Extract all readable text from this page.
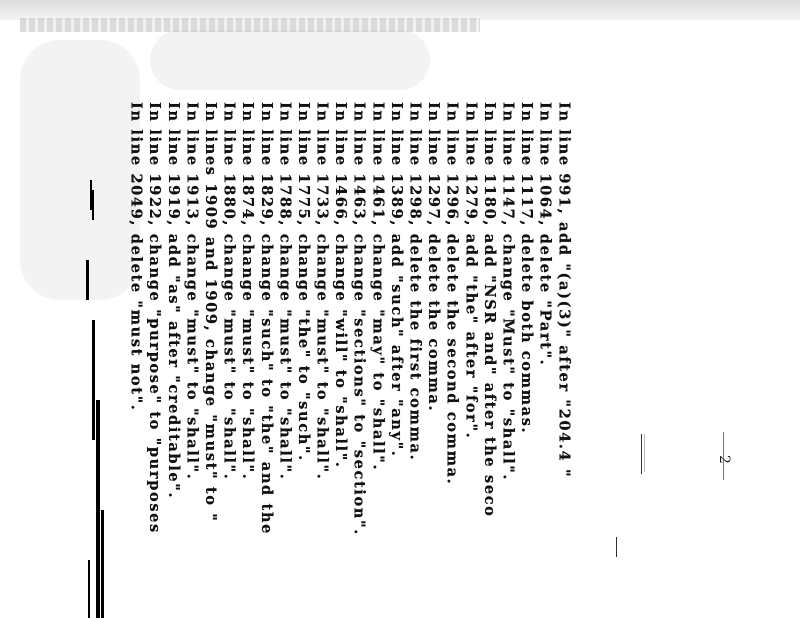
In line 991, add "(a)(3)" after "204.4 "
In line 1064, delete "Part".
In line 1117, delete both commas.
In line 1147, change "Must" to "shall".
In line 1180, add "NSR and" after the seco
In line 1279, add "the" after "for".
In line 1296, delete the second comma.
In line 1297, delete the comma.
In line 1298, delete the first comma.
In line 1389, add "such" after "any".
In line 1461, change "may" to "shall".
In line 1463, change "sections" to "section".
In line 1466, change "will" to "shall".
In line 1733, change "must" to "shall".
In line 1775, change "the" to "such".
In line 1788, change "must" to "shall".
In line 1829, change "such" to "the" and the
In line 1874, change "must" to "shall".
In line 1880, change "must" to "shall".
In lines 1909 and 1909, change "must" to "
In line 1913, change "must" to "shall".
In line 1919, add "as" after "creditable".
In line 1922, change "purpose" to "purposes
In line 2049, delete "must not".
2
